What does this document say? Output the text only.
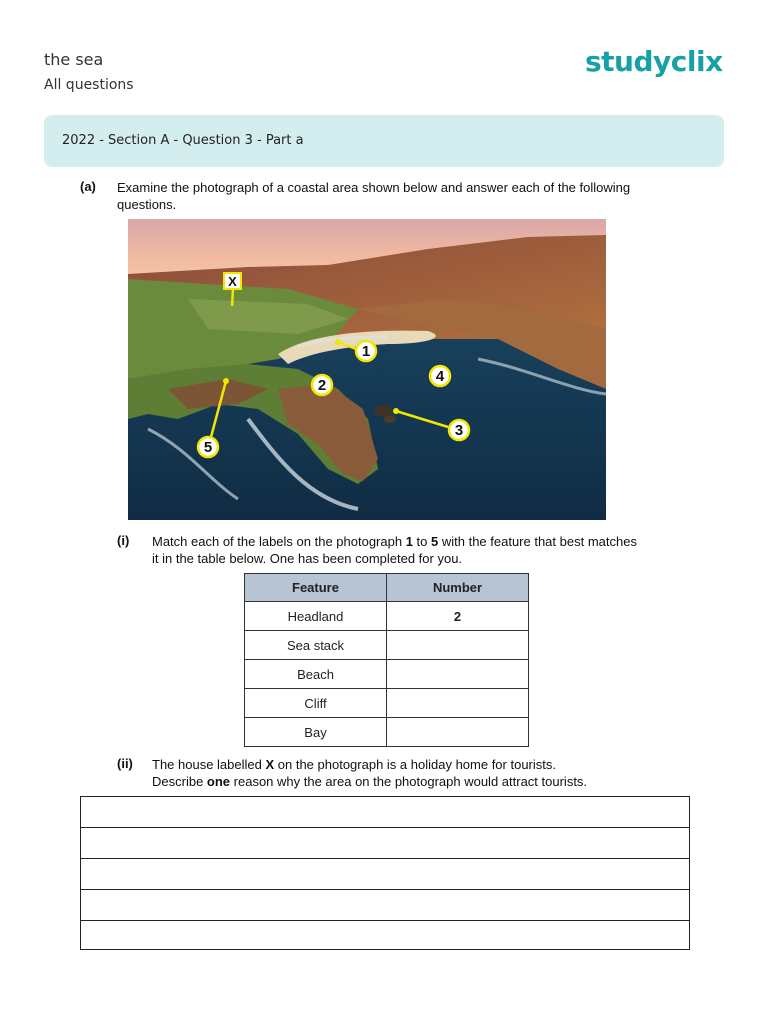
the sea
All questions
studyclix
2022 - Section A - Question 3 - Part a
(a) Examine the photograph of a coastal area shown below and answer each of the following
questions.
X
1
2
3
4
5
(i) Match each of the labels on the photograph 1 to 5 with the feature that best matches
it in the table below. One has been completed for you.
Feature	Number
Headland	2
Sea stack	
Beach	
Cliff	
Bay	
(ii) The house labelled X on the photograph is a holiday home for tourists.
Describe one reason why the area on the photograph would attract tourists.
